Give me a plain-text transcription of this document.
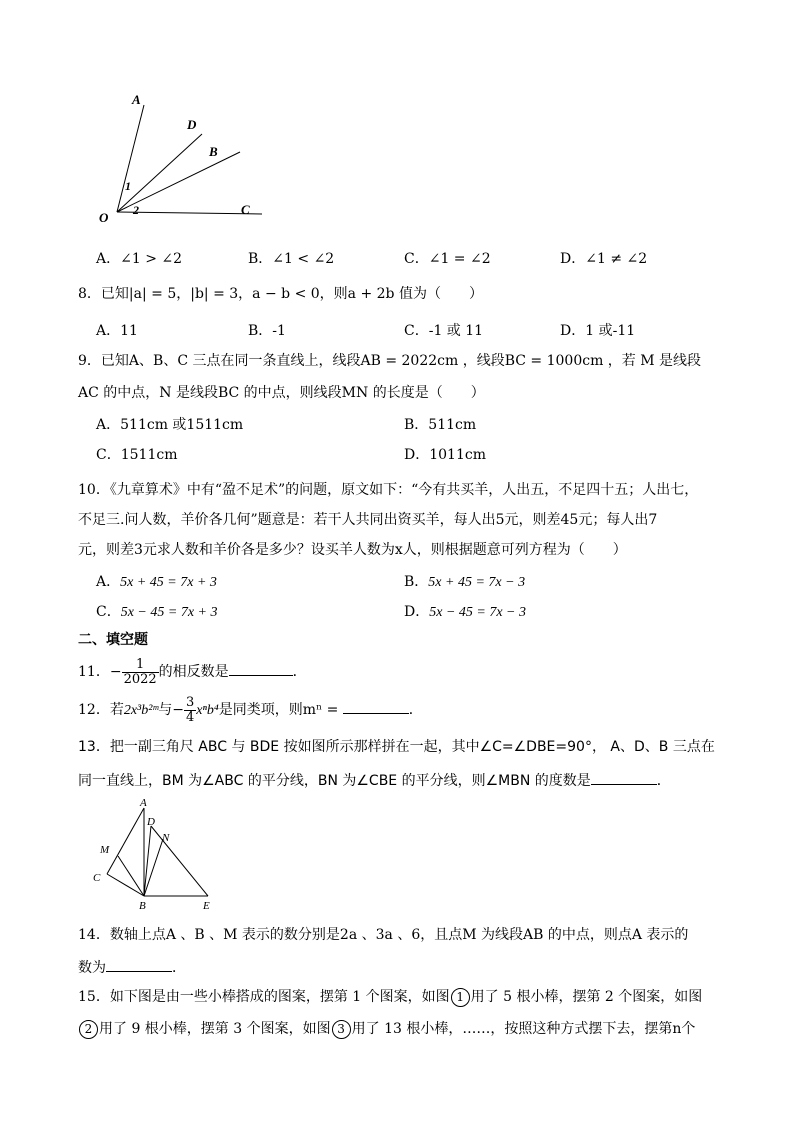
A
D
B
C
O
1
2
A．∠1 > ∠2	B．∠1 < ∠2	C．∠1 = ∠2	D．∠1 ≠ ∠2
8．已知|a| = 5，|b| = 3，a − b < 0，则a + 2b 值为（　　）
A．11	B．-1	C．-1 或 11	D．1 或-11
9．已知A、B、C 三点在同一条直线上，线段AB = 2022cm ，线段BC = 1000cm ，若 M 是线段
AC 的中点，N 是线段BC 的中点，则线段MN 的长度是（　　）
A．511cm 或1511cm	B．511cm
C．1511cm	D．1011cm
10．《九章算术》中有“盈不足术”的问题，原文如下：“今有共买羊，人出五，不足四十五；人出七，
不足三.问人数，羊价各几何”题意是：若干人共同出资买羊，每人出5元，则差45元；每人出7
元，则差3元求人数和羊价各是多少？设买羊人数为x人，则根据题意可列方程为（　　）
A．5x + 45 = 7x + 3	B．5x + 45 = 7x − 3
C．5x − 45 = 7x + 3	D．5x − 45 = 7x − 3
二、填空题
11．− $\frac{1}{2022}$ 的相反数是	．
12．若2x³b²ᵐ与− $\frac{3}{4} x^nb^4$是同类项，则mⁿ =	．
13．把一副三角尺 ABC 与 BDE 按如图所示那样拼在一起，其中∠C=∠DBE=90°， A、D、B 三点在
同一直线上，BM 为∠ABC 的平分线，BN 为∠CBE 的平分线，则∠MBN 的度数是	．
A
D
N
M
C
B	E
14．数轴上点A 、B 、M 表示的数分别是2a 、3a 、6，且点M 为线段AB 的中点，则点A 表示的
数为	．
15．如下图是由一些小棒搭成的图案，摆第 1 个图案，如图 1 用了 5 根小棒，摆第 2 个图案，如图
2 用了 9 根小棒，摆第 3 个图案，如图 3 用了 13 根小棒，……，按照这种方式摆下去，摆第n个
